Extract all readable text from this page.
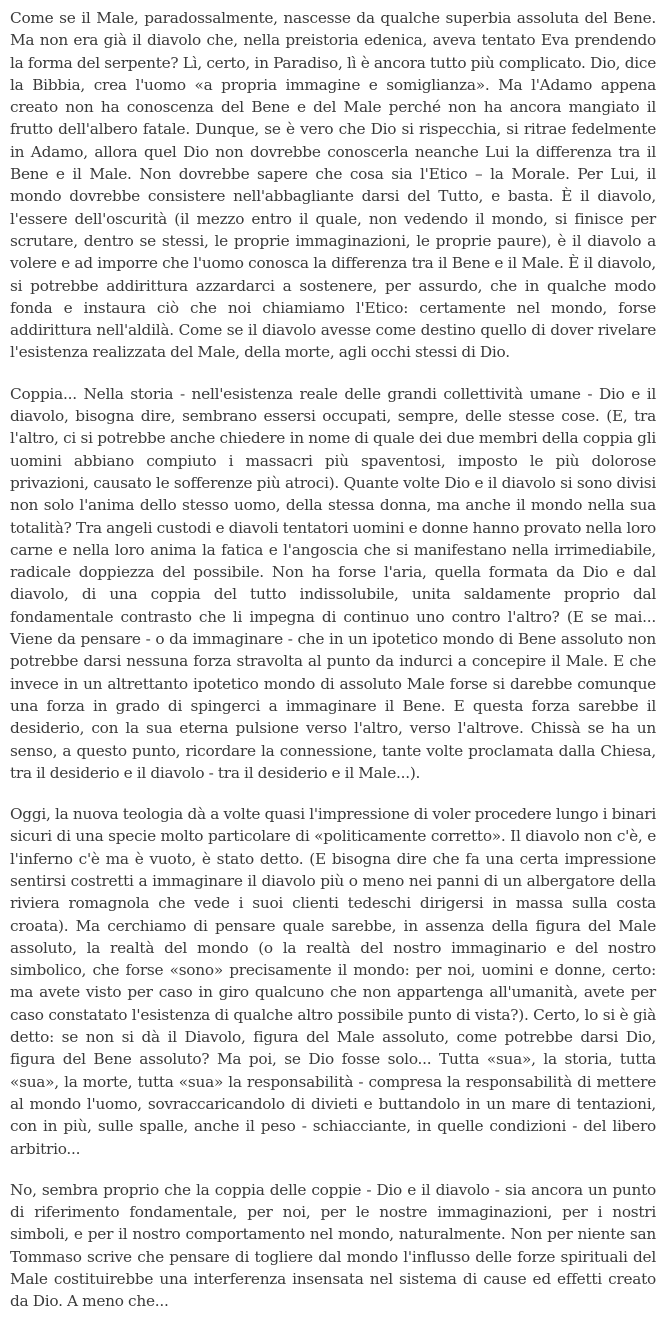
Come se il Male, paradossalmente, nascesse da qualche superbia assoluta del Bene. Ma non era già il diavolo che, nella preistoria edenica, aveva tentato Eva prendendo la forma del serpente? Lì, certo, in Paradiso, lì è ancora tutto più complicato. Dio, dice la Bibbia, crea l'uomo «a propria immagine e somiglianza». Ma l'Adamo appena creato non ha conoscenza del Bene e del Male perché non ha ancora mangiato il frutto dell'albero fatale. Dunque, se è vero che Dio si rispecchia, si ritrae fedelmente in Adamo, allora quel Dio non dovrebbe conoscerla neanche Lui la differenza tra il Bene e il Male. Non dovrebbe sapere che cosa sia l'Etico – la Morale. Per Lui, il mondo dovrebbe consistere nell'abbagliante darsi del Tutto, e basta. È il diavolo, l'essere dell'oscurità (il mezzo entro il quale, non vedendo il mondo, si finisce per scrutare, dentro se stessi, le proprie immaginazioni, le proprie paure), è il diavolo a volere e ad imporre che l'uomo conosca la differenza tra il Bene e il Male. È il diavolo, si potrebbe addirittura azzardarci a sostenere, per assurdo, che in qualche modo fonda e instaura ciò che noi chiamiamo l'Etico: certamente nel mondo, forse addirittura nell'aldilà. Come se il diavolo avesse come destino quello di dover rivelare l'esistenza realizzata del Male, della morte, agli occhi stessi di Dio.

Coppia... Nella storia - nell'esistenza reale delle grandi collettività umane - Dio e il diavolo, bisogna dire, sembrano essersi occupati, sempre, delle stesse cose. (E, tra l'altro, ci si potrebbe anche chiedere in nome di quale dei due membri della coppia gli uomini abbiano compiuto i massacri più spaventosi, imposto le più dolorose privazioni, causato le sofferenze più atroci). Quante volte Dio e il diavolo si sono divisi non solo l'anima dello stesso uomo, della stessa donna, ma anche il mondo nella sua totalità? Tra angeli custodi e diavoli tentatori uomini e donne hanno provato nella loro carne e nella loro anima la fatica e l'angoscia che si manifestano nella irrimediabile, radicale doppiezza del possibile. Non ha forse l'aria, quella formata da Dio e dal diavolo, di una coppia del tutto indissolubile, unita saldamente proprio dal fondamentale contrasto che li impegna di continuo uno contro l'altro? (E se mai... Viene da pensare - o da immaginare - che in un ipotetico mondo di Bene assoluto non potrebbe darsi nessuna forza stravolta al punto da indurci a concepire il Male. E che invece in un altrettanto ipotetico mondo di assoluto Male forse si darebbe comunque una forza in grado di spingerci a immaginare il Bene. E questa forza sarebbe il desiderio, con la sua eterna pulsione verso l'altro, verso l'altrove. Chissà se ha un senso, a questo punto, ricordare la connessione, tante volte proclamata dalla Chiesa, tra il desiderio e il diavolo - tra il desiderio e il Male...).

Oggi, la nuova teologia dà a volte quasi l'impressione di voler procedere lungo i binari sicuri di una specie molto particolare di «politicamente corretto». Il diavolo non c'è, e l'inferno c'è ma è vuoto, è stato detto. (E bisogna dire che fa una certa impressione sentirsi costretti a immaginare il diavolo più o meno nei panni di un albergatore della riviera romagnola che vede i suoi clienti tedeschi dirigersi in massa sulla costa croata). Ma cerchiamo di pensare quale sarebbe, in assenza della figura del Male assoluto, la realtà del mondo (o la realtà del nostro immaginario e del nostro simbolico, che forse «sono» precisamente il mondo: per noi, uomini e donne, certo: ma avete visto per caso in giro qualcuno che non appartenga all'umanità, avete per caso constatato l'esistenza di qualche altro possibile punto di vista?). Certo, lo si è già detto: se non si dà il Diavolo, figura del Male assoluto, come potrebbe darsi Dio, figura del Bene assoluto? Ma poi, se Dio fosse solo... Tutta «sua», la storia, tutta «sua», la morte, tutta «sua» la responsabilità - compresa la responsabilità di mettere al mondo l'uomo, sovraccaricandolo di divieti e buttandolo in un mare di tentazioni, con in più, sulle spalle, anche il peso - schiacciante, in quelle condizioni - del libero arbitrio...

No, sembra proprio che la coppia delle coppie - Dio e il diavolo - sia ancora un punto di riferimento fondamentale, per noi, per le nostre immaginazioni, per i nostri simboli, e per il nostro comportamento nel mondo, naturalmente. Non per niente san Tommaso scrive che pensare di togliere dal mondo l'influsso delle forze spirituali del Male costituirebbe una interferenza insensata nel sistema di cause ed effetti creato da Dio. A meno che...
